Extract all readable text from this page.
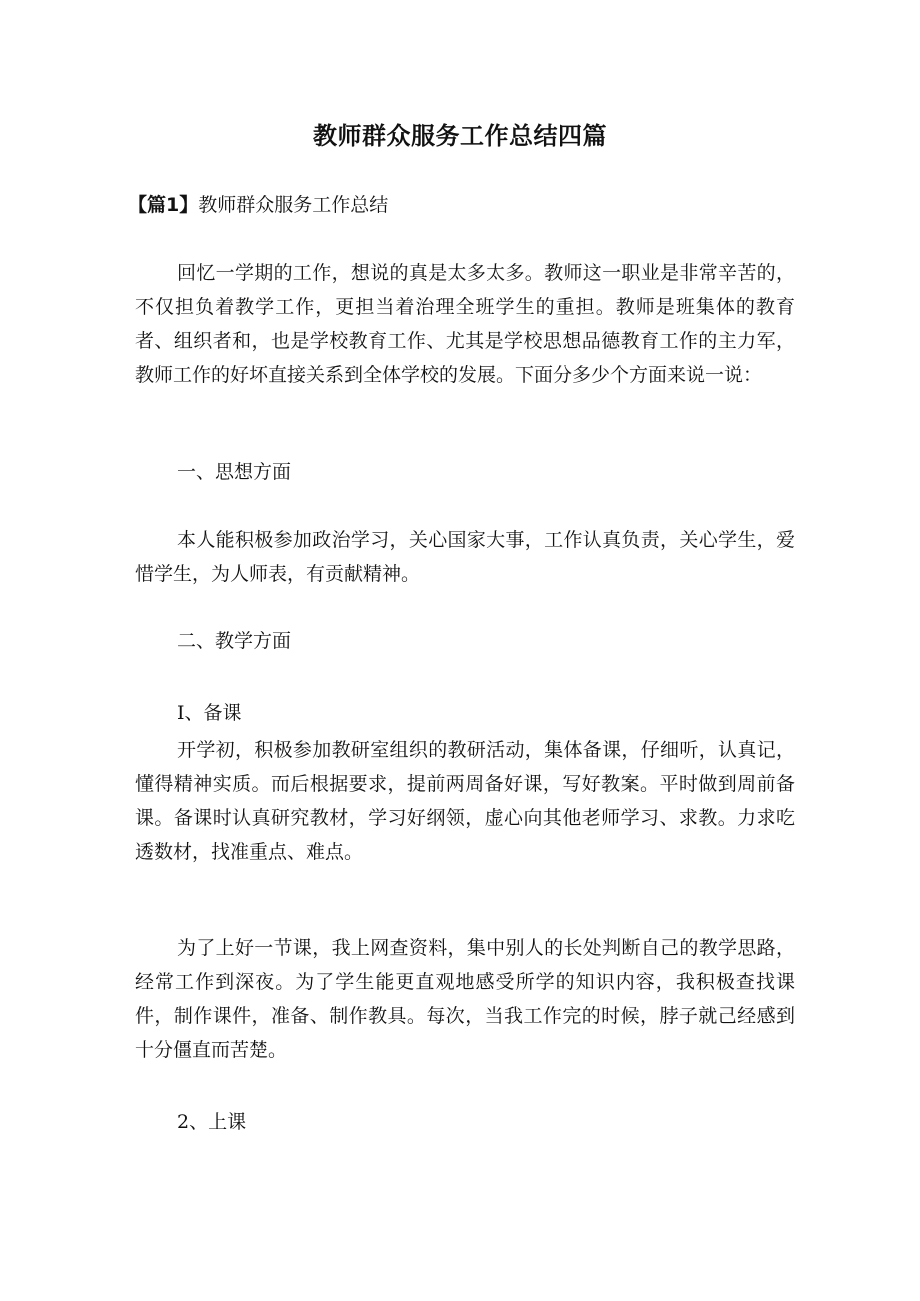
教师群众服务工作总结四篇
【篇1】教师群众服务工作总结

回忆一学期的工作，想说的真是太多太多。教师这一职业是非常辛苦的，不仅担负着教学工作，更担当着治理全班学生的重担。教师是班集体的教育者、组织者和，也是学校教育工作、尤其是学校思想品德教育工作的主力军，教师工作的好坏直接关系到全体学校的发展。下面分多少个方面来说一说：

一、思想方面

本人能积极参加政治学习，关心国家大事，工作认真负责，关心学生，爱惜学生，为人师表，有贡献精神。

二、教学方面

I、备课

开学初，积极参加教研室组织的教研活动，集体备课，仔细听，认真记，懂得精神实质。而后根据要求，提前两周备好课，写好教案。平时做到周前备课。备课时认真研究教材，学习好纲领，虚心向其他老师学习、求教。力求吃透数材，找准重点、难点。

为了上好一节课，我上网查资料，集中别人的长处判断自己的教学思路，经常工作到深夜。为了学生能更直观地感受所学的知识内容，我积极查找课件，制作课件，准备、制作教具。每次，当我工作完的时候，脖子就己经感到十分僵直而苦楚。

2、上课
